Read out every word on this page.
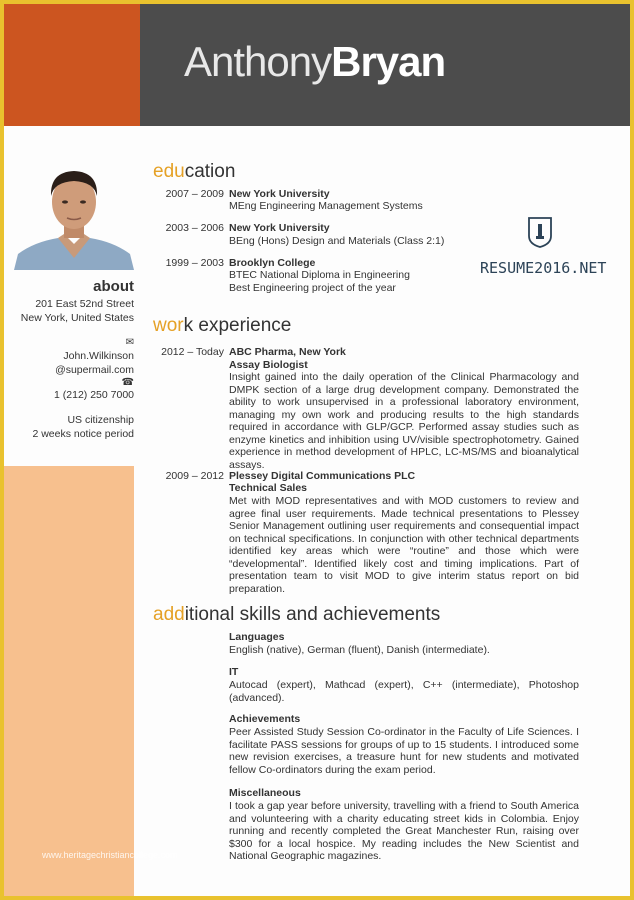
AnthonyBryan
about
201 East 52nd Street
New York, United States
✉
John.Wilkinson
@supermail.com
☎
1 (212) 250 7000
US citizenship
2 weeks notice period
education
2007 – 2009 New York University
MEng Engineering Management Systems
2003 – 2006 New York University
BEng (Hons) Design and Materials (Class 2:1)
1999 – 2003 Brooklyn College
BTEC National Diploma in Engineering
Best Engineering project of the year
RESUME2016.NET
work experience
2012 – Today ABC Pharma, New York
Assay Biologist

Insight gained into the daily operation of the Clinical Pharmacology and DMPK section of a large drug development company. Demonstrated the ability to work unsupervised in a professional laboratory environment, managing my own work and producing results to the high standards required in accordance with GLP/GCP. Performed assay studies such as enzyme kinetics and inhibition using UV/visible spectrophotometry. Gained experience in method development of HPLC, LC-MS/MS and bioanalytical assays.

2009 – 2012 Plessey Digital Communications PLC
Technical Sales

Met with MOD representatives and with MOD customers to review and agree final user requirements. Made technical presentations to Plessey Senior Management outlining user requirements and consequential impact on technical specifications. In conjunction with other technical departments identified key areas which were “routine” and those which were “developmental”. Identified likely cost and timing implications. Part of presentation team to visit MOD to give interim status report on bid preparation.

additional skills and achievements
Languages

English (native), German (fluent), Danish (intermediate).

IT

Autocad (expert), Mathcad (expert), C++ (intermediate), Photoshop (advanced).

Achievements

Peer Assisted Study Session Co-ordinator in the Faculty of Life Sciences. I facilitate PASS sessions for groups of up to 15 students. I introduced some new revision exercises, a treasure hunt for new students and motivated fellow Co-ordinators during the exam period.

Miscellaneous

I took a gap year before university, travelling with a friend to South America and volunteering with a charity educating street kids in Colombia. Enjoy running and recently completed the Great Manchester Run, raising over $300 for a local hospice. My reading includes the New Scientist and National Geographic magazines.

www.heritagechristiancollege.com
